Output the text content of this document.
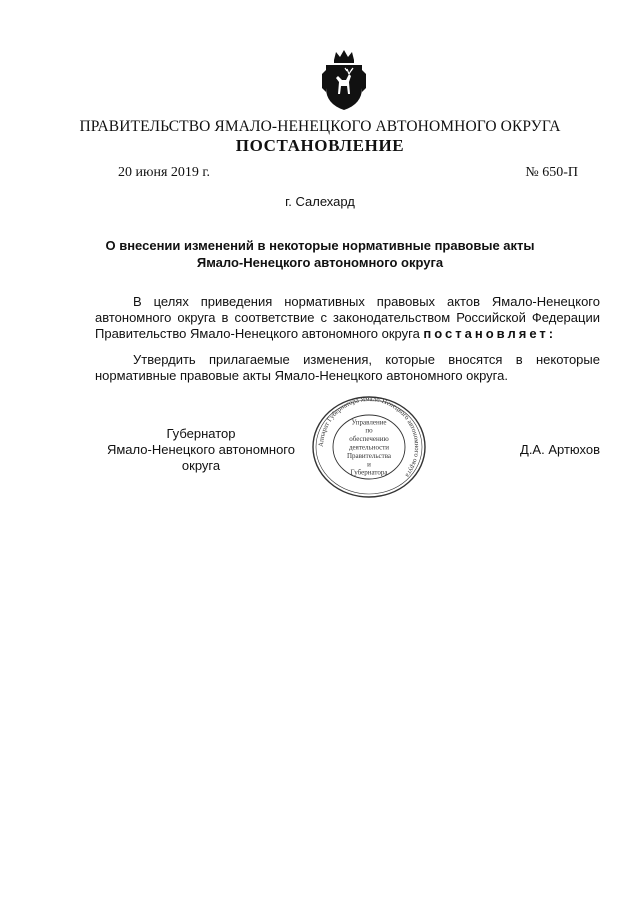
ПРАВИТЕЛЬСТВО ЯМАЛО-НЕНЕЦКОГО АВТОНОМНОГО ОКРУГА
ПОСТАНОВЛЕНИЕ
20 июня 2019 г.	№ 650-П
г. Салехард
О внесении изменений в некоторые нормативные правовые акты
Ямало-Ненецкого автономного округа
В целях приведения нормативных правовых актов Ямало-Ненецкого автономного округа в соответствие с законодательством Российской Федерации Правительство Ямало-Ненецкого автономного округа постановляет:
Утвердить прилагаемые изменения, которые вносятся в некоторые нормативные правовые акты Ямало-Ненецкого автономного округа.
Губернатор
Ямало-Ненецкого автономного округа
Д.А. Артюхов
Аппарат Губернатора Ямало-Ненецкого автономного округа
Управление
по
обеспечению
деятельности
Правительства
и
Губернатора
